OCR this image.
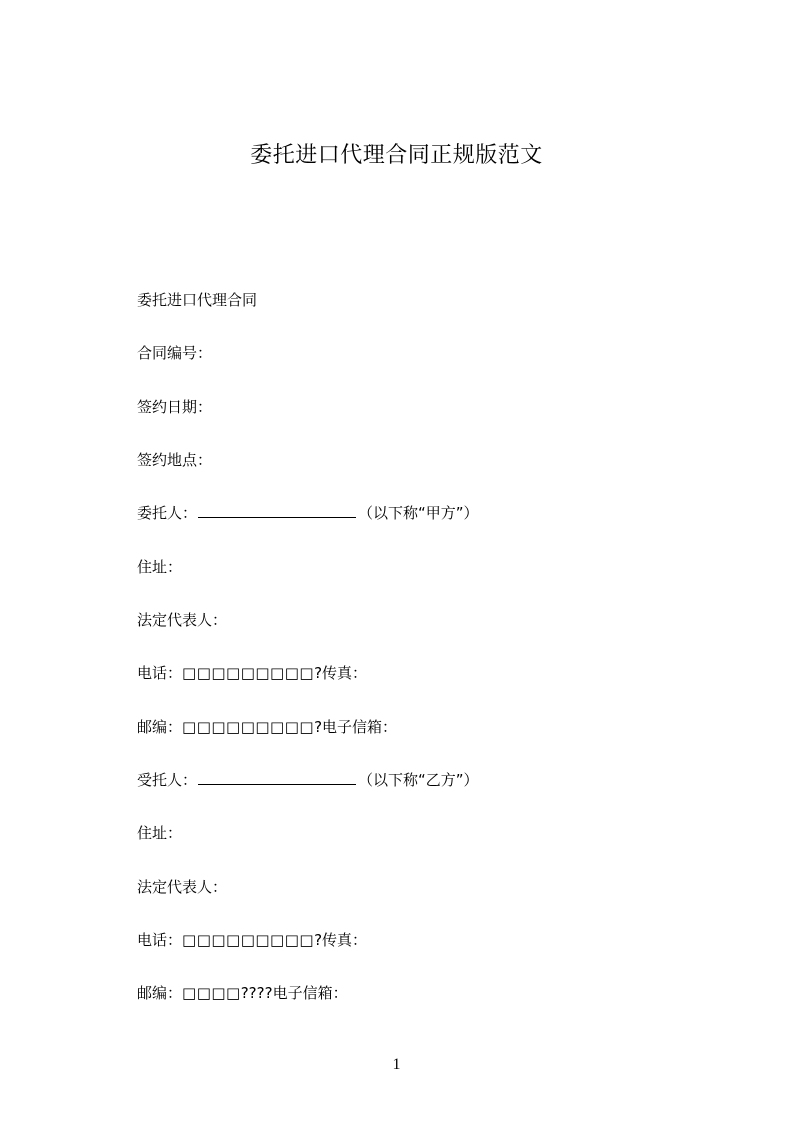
委托进口代理合同正规版范文
委托进口代理合同
合同编号：
签约日期：
签约地点：
委托人：	（以下称“甲方”）
住址：
法定代表人：
电话：□□□□□□□□□?传真：
邮编：□□□□□□□□□?电子信箱：
受托人：	（以下称“乙方”）
住址：
法定代表人：
电话：□□□□□□□□□?传真：
邮编：□□□□????电子信箱：
1
